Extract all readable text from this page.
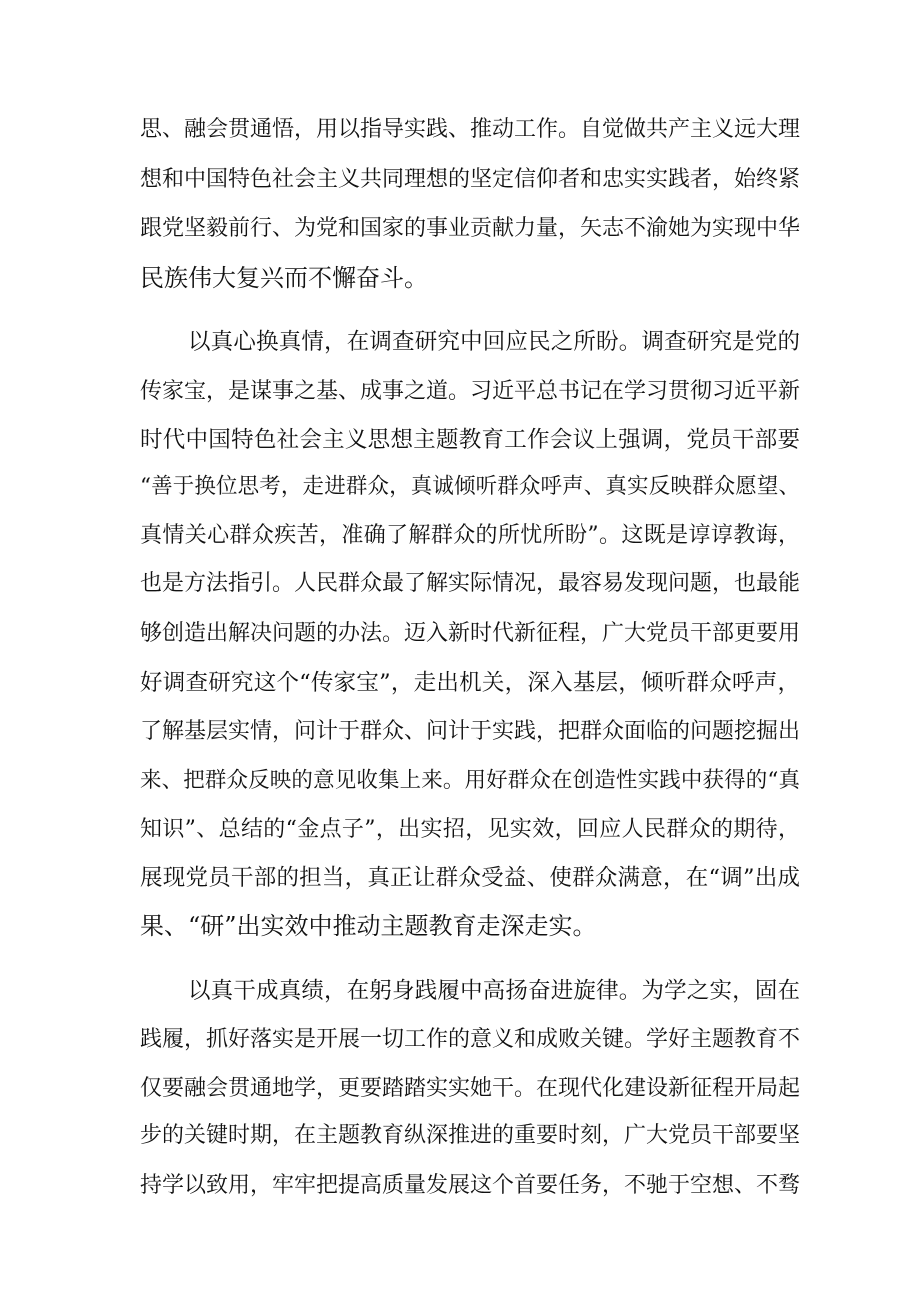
思、融会贯通悟，用以指导实践、推动工作。自觉做共产主义远大理
想和中国特色社会主义共同理想的坚定信仰者和忠实实践者，始终紧
跟党坚毅前行、为党和国家的事业贡献力量，矢志不渝她为实现中华
民族伟大复兴而不懈奋斗。
以真心换真情，在调查研究中回应民之所盼。调查研究是党的
传家宝，是谋事之基、成事之道。习近平总书记在学习贯彻习近平新
时代中国特色社会主义思想主题教育工作会议上强调，党员干部要
“善于换位思考，走进群众，真诚倾听群众呼声、真实反映群众愿望、
真情关心群众疾苦，准确了解群众的所忧所盼”。这既是谆谆教诲，
也是方法指引。人民群众最了解实际情况，最容易发现问题，也最能
够创造出解决问题的办法。迈入新时代新征程，广大党员干部更要用
好调查研究这个“传家宝”，走出机关，深入基层，倾听群众呼声，
了解基层实情，问计于群众、问计于实践，把群众面临的问题挖掘出
来、把群众反映的意见收集上来。用好群众在创造性实践中获得的“真
知识”、总结的“金点子”，出实招，见实效，回应人民群众的期待，
展现党员干部的担当，真正让群众受益、使群众满意，在“调”出成
果、“研”出实效中推动主题教育走深走实。
以真干成真绩，在躬身践履中高扬奋进旋律。为学之实，固在
践履，抓好落实是开展一切工作的意义和成败关键。学好主题教育不
仅要融会贯通地学，更要踏踏实实她干。在现代化建设新征程开局起
步的关键时期，在主题教育纵深推进的重要时刻，广大党员干部要坚
持学以致用，牢牢把提高质量发展这个首要任务，不驰于空想、不骛
